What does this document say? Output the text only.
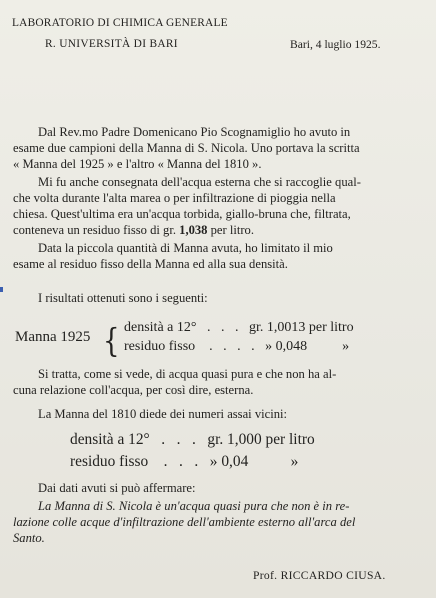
LABORATORIO DI CHIMICA GENERALE
R. UNIVERSITÀ DI BARI	Bari, 4 luglio 1925.
Dal Rev.mo Padre Domenicano Pio Scognamiglio ho avuto in
esame due campioni della Manna di S. Nicola. Uno portava la scritta
« Manna del 1925 » e l'altro « Manna del 1810 ».
Mi fu anche consegnata dell'acqua esterna che si raccoglie qual-
che volta durante l'alta marea o per infiltrazione di pioggia nella
chiesa. Quest'ultima era un'acqua torbida, giallo-bruna che, filtrata,
conteneva un residuo fisso di gr. 1,038 per litro.
Data la piccola quantità di Manna avuta, ho limitato il mio
esame al residuo fisso della Manna ed alla sua densità.
I risultati ottenuti sono i seguenti:
Manna 1925 { densità a 12°   .   .   .   gr. 1,0013 per litro
residuo fisso    .   .   .   .   » 0,048          »
Si tratta, come si vede, di acqua quasi pura e che non ha al-
cuna relazione coll'acqua, per così dire, esterna.
La Manna del 1810 diede dei numeri assai vicini:
densità a 12°   .   .   .   gr. 1,000 per litro
residuo fisso    .   .   .   » 0,04           »
Dai dati avuti si può affermare:
La Manna di S. Nicola è un'acqua quasi pura che non è in re-
lazione colle acque d'infiltrazione dell'ambiente esterno all'arca del
Santo.
Prof. RICCARDO CIUSA.
